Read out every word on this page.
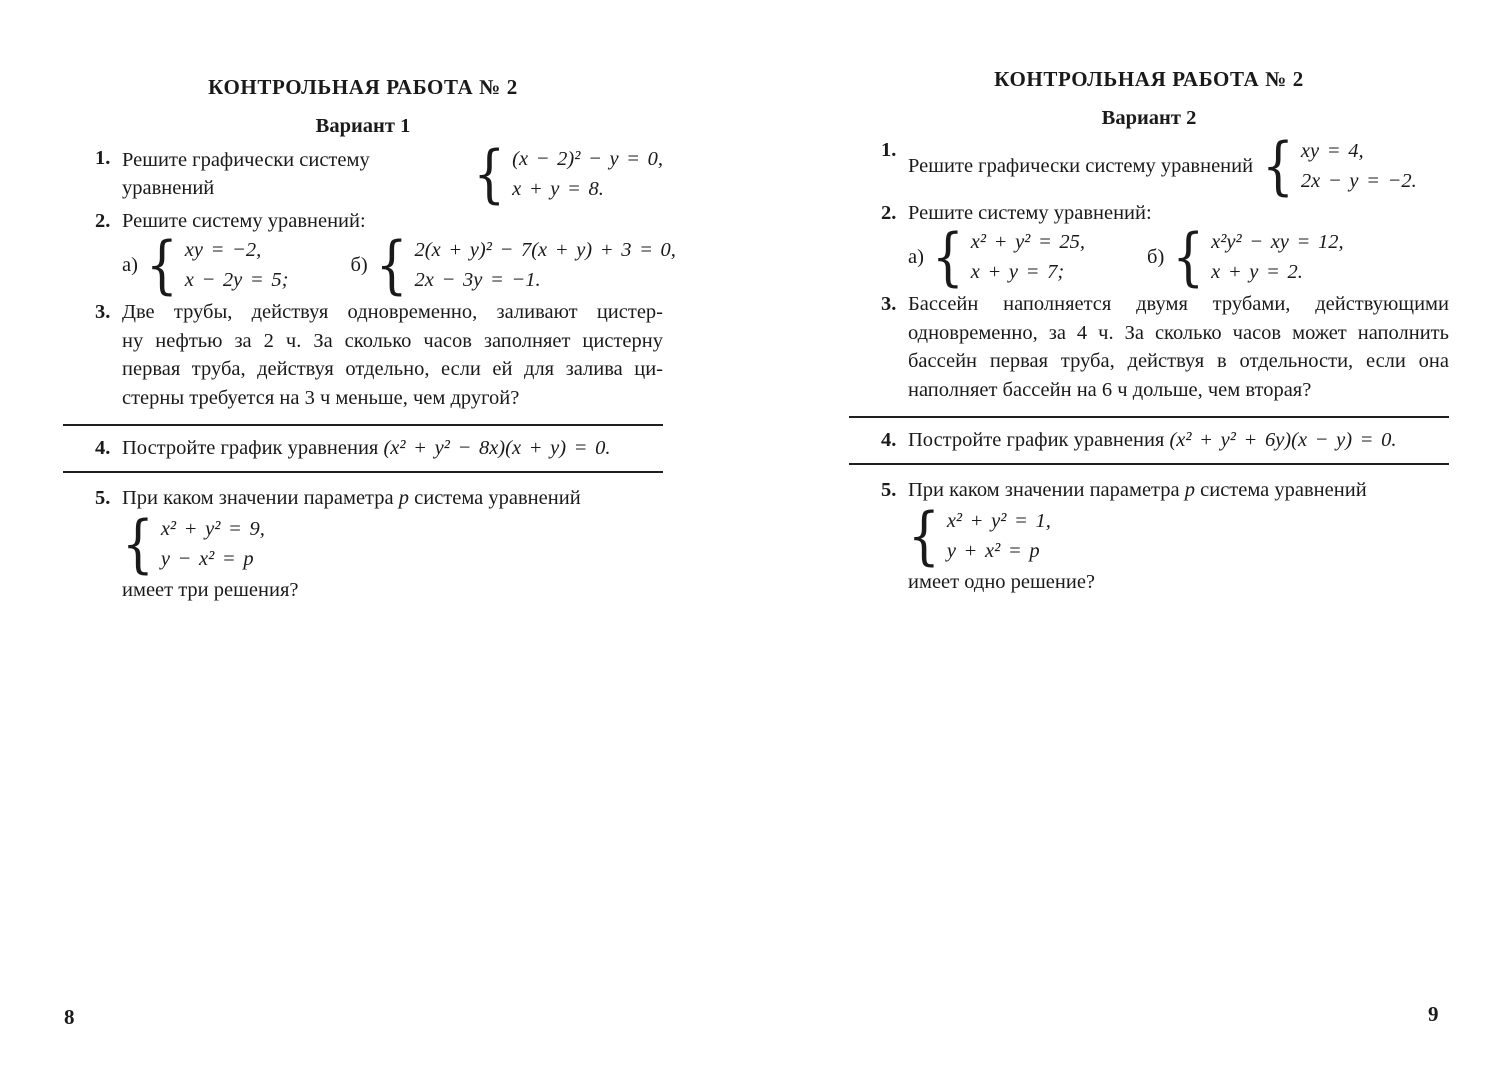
КОНТРОЛЬНАЯ РАБОТА № 2
Вариант 1
1. Решите графически систему уравнений	{ (x − 2)² − y = 0,
x + y = 8.
2. Решите систему уравнений:
а) { xy = −2,
x − 2y = 5;
б) { 2(x + y)² − 7(x + y) + 3 = 0,
2x − 3y = −1.
3. Две трубы, действуя одновременно, заливают цистер-
ну нефтью за 2 ч. За сколько часов заполняет цистерну
первая труба, действуя отдельно, если ей для залива ци-
стерны требуется на 3 ч меньше, чем другой?
4. Постройте график уравнения (x² + y² − 8x)(x + y) = 0.
5. При каком значении параметра p система уравнений
{ x² + y² = 9,
y − x² = p
имеет три решения?
КОНТРОЛЬНАЯ РАБОТА № 2
Вариант 2
1.
Решите графически систему уравнений { xy = 4,
2x − y = −2.
2. Решите систему уравнений:
а) { x² + y² = 25,
x + y = 7;
б) { x²y² − xy = 12,
x + y = 2.
3. Бассейн наполняется двумя трубами, действующими
одновременно, за 4 ч. За сколько часов может наполнить
бассейн первая труба, действуя в отдельности, если она
наполняет бассейн на 6 ч дольше, чем вторая?
4. Постройте график уравнения (x² + y² + 6y)(x − y) = 0.
5. При каком значении параметра p система уравнений
{ x² + y² = 1,
y + x² = p
имеет одно решение?
8	9
